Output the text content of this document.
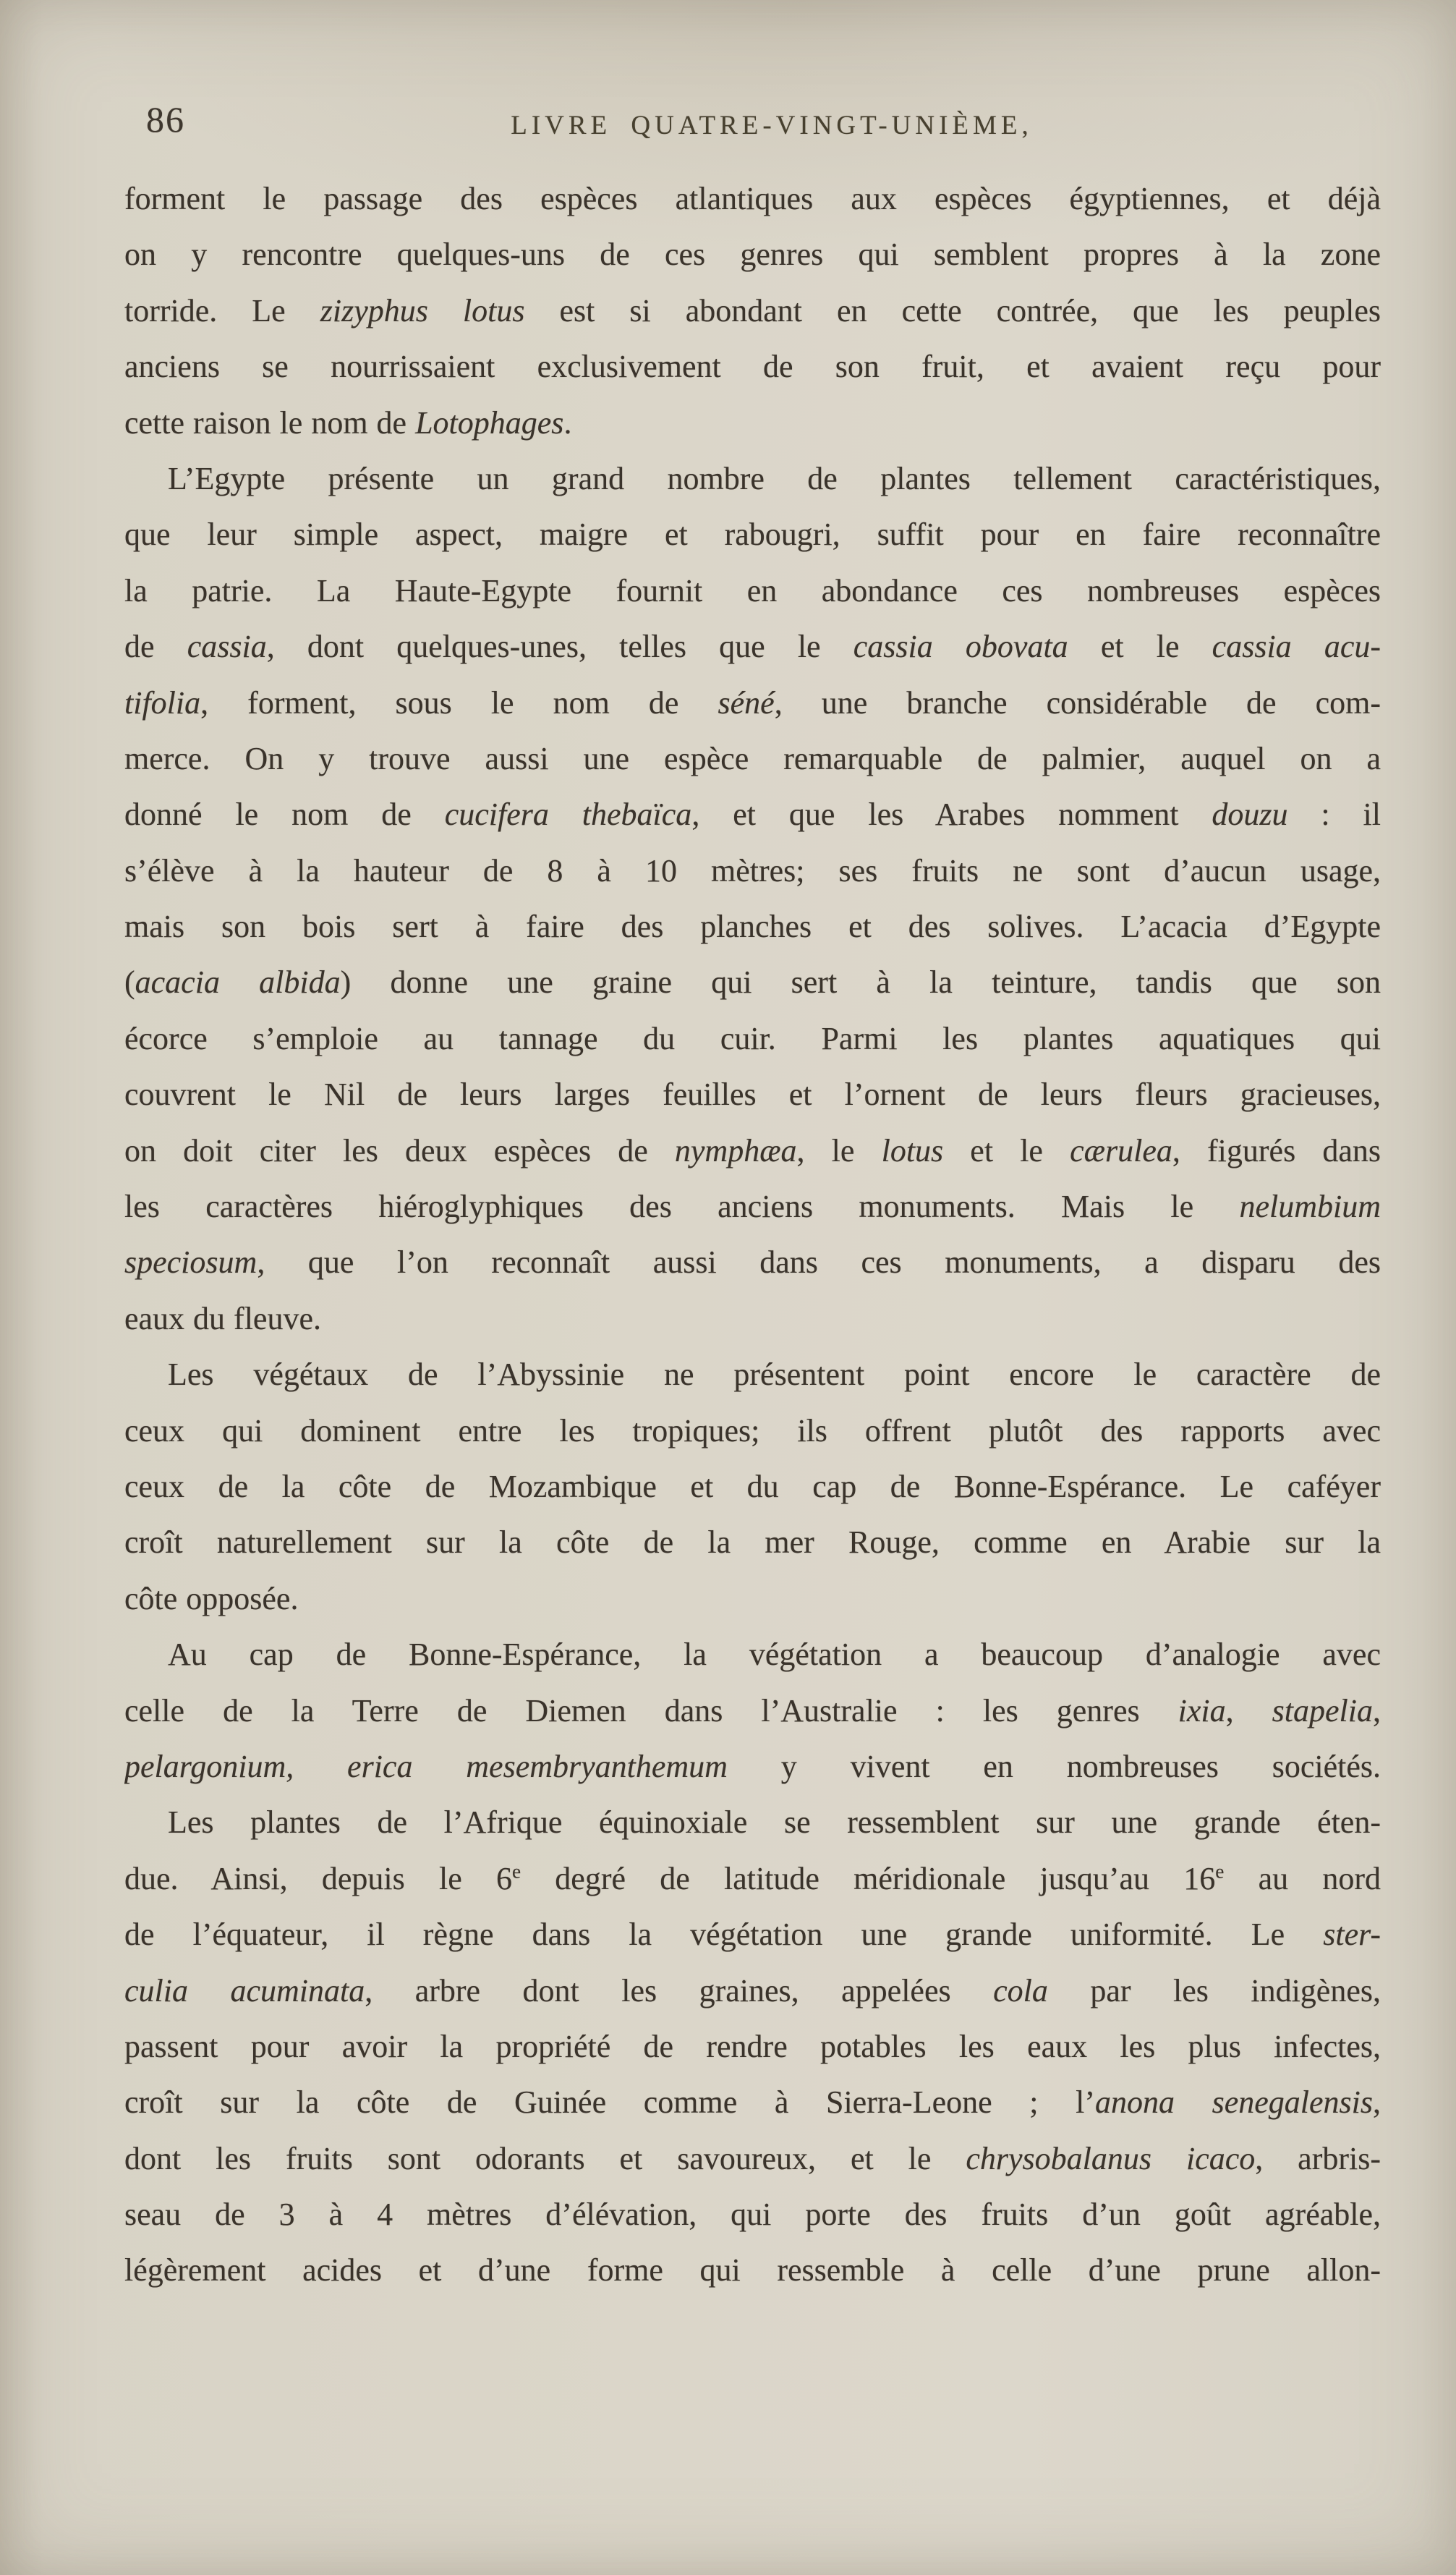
86	LIVRE QUATRE-VINGT-UNIÈME,
forment le passage des espèces atlantiques aux espèces égyptiennes, et déjà
on y rencontre quelques-uns de ces genres qui semblent propres à la zone
torride. Le zizyphus lotus est si abondant en cette contrée, que les peuples
anciens se nourrissaient exclusivement de son fruit, et avaient reçu pour
cette raison le nom de Lotophages.
L’Egypte présente un grand nombre de plantes tellement caractéristiques,
que leur simple aspect, maigre et rabougri, suffit pour en faire reconnaître
la patrie. La Haute-Egypte fournit en abondance ces nombreuses espèces
de cassia, dont quelques-unes, telles que le cassia obovata et le cassia acu-
tifolia, forment, sous le nom de séné, une branche considérable de com-
merce. On y trouve aussi une espèce remarquable de palmier, auquel on a
donné le nom de cucifera thebaïca, et que les Arabes nomment douzu : il
s’élève à la hauteur de 8 à 10 mètres; ses fruits ne sont d’aucun usage,
mais son bois sert à faire des planches et des solives. L’acacia d’Egypte
(acacia albida) donne une graine qui sert à la teinture, tandis que son
écorce s’emploie au tannage du cuir. Parmi les plantes aquatiques qui
couvrent le Nil de leurs larges feuilles et l’ornent de leurs fleurs gracieuses,
on doit citer les deux espèces de nymphæa, le lotus et le cærulea, figurés dans
les caractères hiéroglyphiques des anciens monuments. Mais le nelumbium
speciosum, que l’on reconnaît aussi dans ces monuments, a disparu des
eaux du fleuve.
Les végétaux de l’Abyssinie ne présentent point encore le caractère de
ceux qui dominent entre les tropiques; ils offrent plutôt des rapports avec
ceux de la côte de Mozambique et du cap de Bonne-Espérance. Le caféyer
croît naturellement sur la côte de la mer Rouge, comme en Arabie sur la
côte opposée.
Au cap de Bonne-Espérance, la végétation a beaucoup d’analogie avec
celle de la Terre de Diemen dans l’Australie : les genres ixia, stapelia,
pelargonium, erica mesembryanthemum y vivent en nombreuses sociétés.
Les plantes de l’Afrique équinoxiale se ressemblent sur une grande éten-
due. Ainsi, depuis le 6e degré de latitude méridionale jusqu’au 16e au nord
de l’équateur, il règne dans la végétation une grande uniformité. Le ster-
culia acuminata, arbre dont les graines, appelées cola par les indigènes,
passent pour avoir la propriété de rendre potables les eaux les plus infectes,
croît sur la côte de Guinée comme à Sierra-Leone ; l’anona senegalensis,
dont les fruits sont odorants et savoureux, et le chrysobalanus icaco, arbris-
seau de 3 à 4 mètres d’élévation, qui porte des fruits d’un goût agréable,
légèrement acides et d’une forme qui ressemble à celle d’une prune allon-
